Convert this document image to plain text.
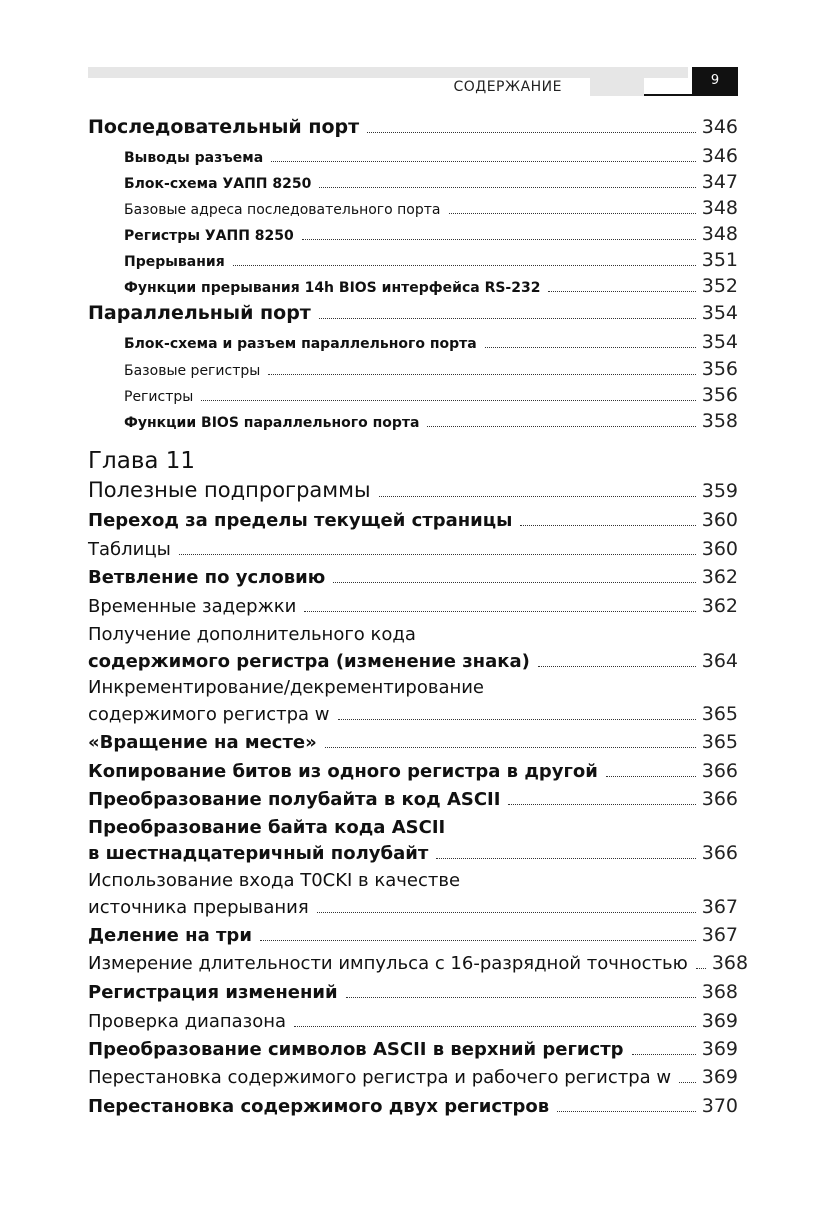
СОДЕРЖАНИЕ	9
Последовательный порт	346
Выводы разъема	346
Блок-схема УАПП 8250	347
Базовые адреса последовательного порта	348
Регистры УАПП 8250	348
Прерывания	351
Функции прерывания 14h BIOS интерфейса RS-232	352
Параллельный порт	354
Блок-схема и разъем параллельного порта	354
Базовые регистры	356
Регистры	356
Функции BIOS параллельного порта	358
Глава 11
Полезные подпрограммы	359
Переход за пределы текущей страницы	360
Таблицы	360
Ветвление по условию	362
Временные задержки	362
Получение дополнительного кода
содержимого регистра (изменение знака)	364
Инкрементирование/декрементирование
содержимого регистра w	365
«Вращение на месте»	365
Копирование битов из одного регистра в другой	366
Преобразование полубайта в код ASCII	366
Преобразование байта кода ASCII
в шестнадцатеричный полубайт	366
Использование входа T0CKI в качестве
источника прерывания	367
Деление на три	367
Измерение длительности импульса с 16-разрядной точностью	368
Регистрация изменений	368
Проверка диапазона	369
Преобразование символов ASCII в верхний регистр	369
Перестановка содержимого регистра и рабочего регистра w	369
Перестановка содержимого двух регистров	370
